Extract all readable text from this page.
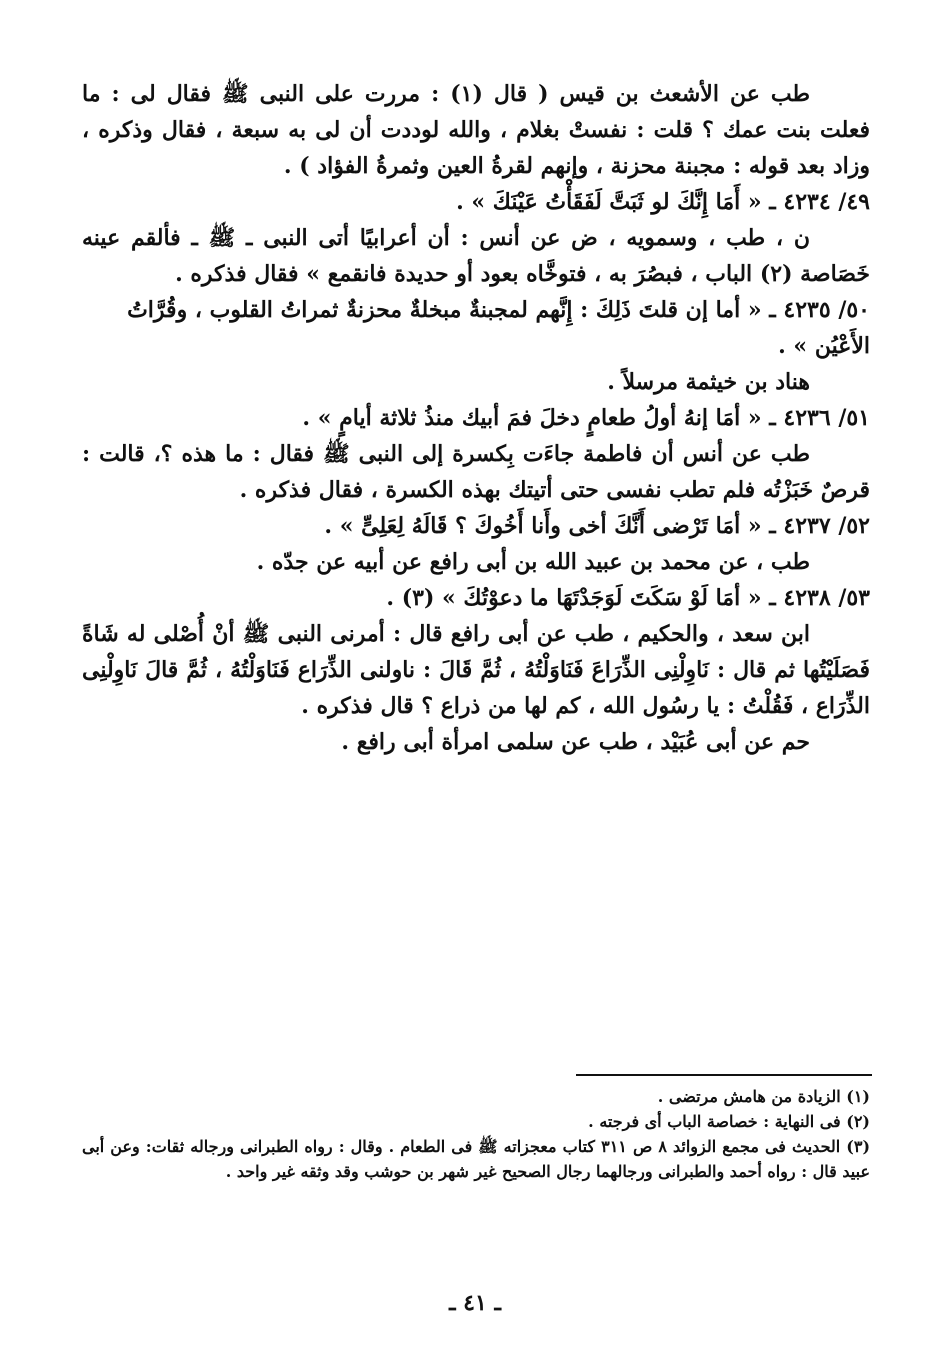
طب عن الأشعث بن قيس ( قال (١) : مررت على النبى ﷺ فقال لى : ما فعلت بنت عمك ؟ قلت : نفستْ بغلام ، والله لوددت أن لى به سبعة ، فقال وذكره ، وزاد بعد قوله : مجبنة محزنة ، وإنهم لقرةُ العين وثمرةُ الفؤاد ) .

٤٩/ ٤٢٣٤ ـ « أَمَا إِنَّكَ لو ثَبَتَّ لَفَقَأْتُ عَيْنَكَ » .

ن ، طب ، وسمويه ، ض عن أنس : أن أعرابيًا أتى النبى ـ ﷺ ـ فألقم عينه خَصَاصة (٢) الباب ، فبصُرَ به ، فتوخَّاه بعود أو حديدة فانقمع » فقال فذكره .

٥٠/ ٤٢٣٥ ـ « أما إن قلتَ ذَلِكَ : إِنَّهم لمجبنةٌ مبخلةٌ محزنةٌ ثمراتُ القلوب ، وقُرَّاتُ الأَعْيُن » .

هناد بن خيثمة مرسلاً .

٥١/ ٤٢٣٦ ـ « أمَا إنهُ أولُ طعامٍ دخلَ فمَ أبيك منذُ ثلاثة أيامٍ » .

طب عن أنس أن فاطمة جاءَت بِكسرة إلى النبى ﷺ فقال : ما هذه ؟، قالت : قرصٌ خَبَزْتُه فلم تطب نفسى حتى أتيتك بهذه الكسرة ، فقال فذكره .

٥٢/ ٤٢٣٧ ـ « أمَا تَرْضى أَنَّكَ أخى وأَنا أَخُوكَ ؟ قَالَهُ لِعَلِىٍّ » .

طب ، عن محمد بن عبيد الله بن أبى رافع عن أبيه عن جدّه .

٥٣/ ٤٢٣٨ ـ « أمَا لَوْ سَكَتَ لَوَجَدْتَهَا ما دعوْتُكَ » (٣) .

ابن سعد ، والحكيم ، طب عن أبى رافع قال : أمرنى النبى ﷺ أنْ أُصْلى له شَاةً فَصَلَيْتُها ثم قال : نَاوِلْنِى الذِّرَاعَ فَنَاوَلْتُهُ ، ثُمَّ قَالَ : ناولنى الذِّرَاع فَنَاوَلْتُهُ ، ثُمَّ قالَ نَاوِلْنِى الذِّرَاع ، فَقُلْتُ : يا رسُول الله ، كم لها من ذراع ؟ قال فذكره .

حم عن أبى عُبَيْد ، طب عن سلمى امرأة أبى رافع .

(١) الزيادة من هامش مرتضى .

(٢) فى النهاية : خصاصة الباب أى فرجته .

(٣) الحديث فى مجمع الزوائد ٨ ص ٣١١ كتاب معجزاته ﷺ فى الطعام . وقال : رواه الطبرانى ورجاله ثقات: وعن أبى عبيد قال : رواه أحمد والطبرانى ورجالهما رجال الصحيح غير شهر بن حوشب وقد وثقه غير واحد .

ـ ٤١ ـ
